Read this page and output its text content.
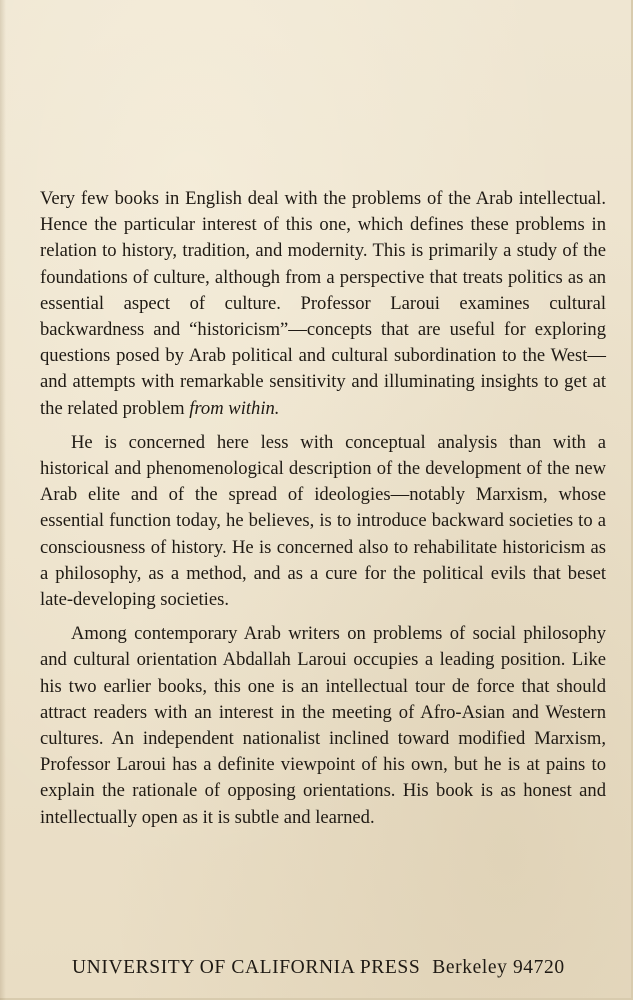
Very few books in English deal with the problems of the Arab intellectual. Hence the particular interest of this one, which defines these problems in relation to history, tradition, and modernity. This is primarily a study of the foundations of culture, although from a perspective that treats politics as an essential aspect of culture. Professor Laroui examines cultural backwardness and “historicism”—concepts that are useful for exploring questions posed by Arab political and cultural subordination to the West—and attempts with remarkable sensitivity and illuminating insights to get at the related problem from within.

He is concerned here less with conceptual analysis than with a historical and phenomenological description of the development of the new Arab elite and of the spread of ideologies—notably Marxism, whose essential function today, he believes, is to introduce backward societies to a consciousness of history. He is concerned also to rehabilitate historicism as a philosophy, as a method, and as a cure for the political evils that beset late-developing societies.

Among contemporary Arab writers on problems of social philosophy and cultural orientation Abdallah Laroui occupies a leading position. Like his two earlier books, this one is an intellectual tour de force that should attract readers with an interest in the meeting of Afro-Asian and Western cultures. An independent nationalist inclined toward modified Marxism, Professor Laroui has a definite viewpoint of his own, but he is at pains to explain the rationale of opposing orientations. His book is as honest and intellectually open as it is subtle and learned.

UNIVERSITY OF CALIFORNIA PRESS Berkeley 94720
